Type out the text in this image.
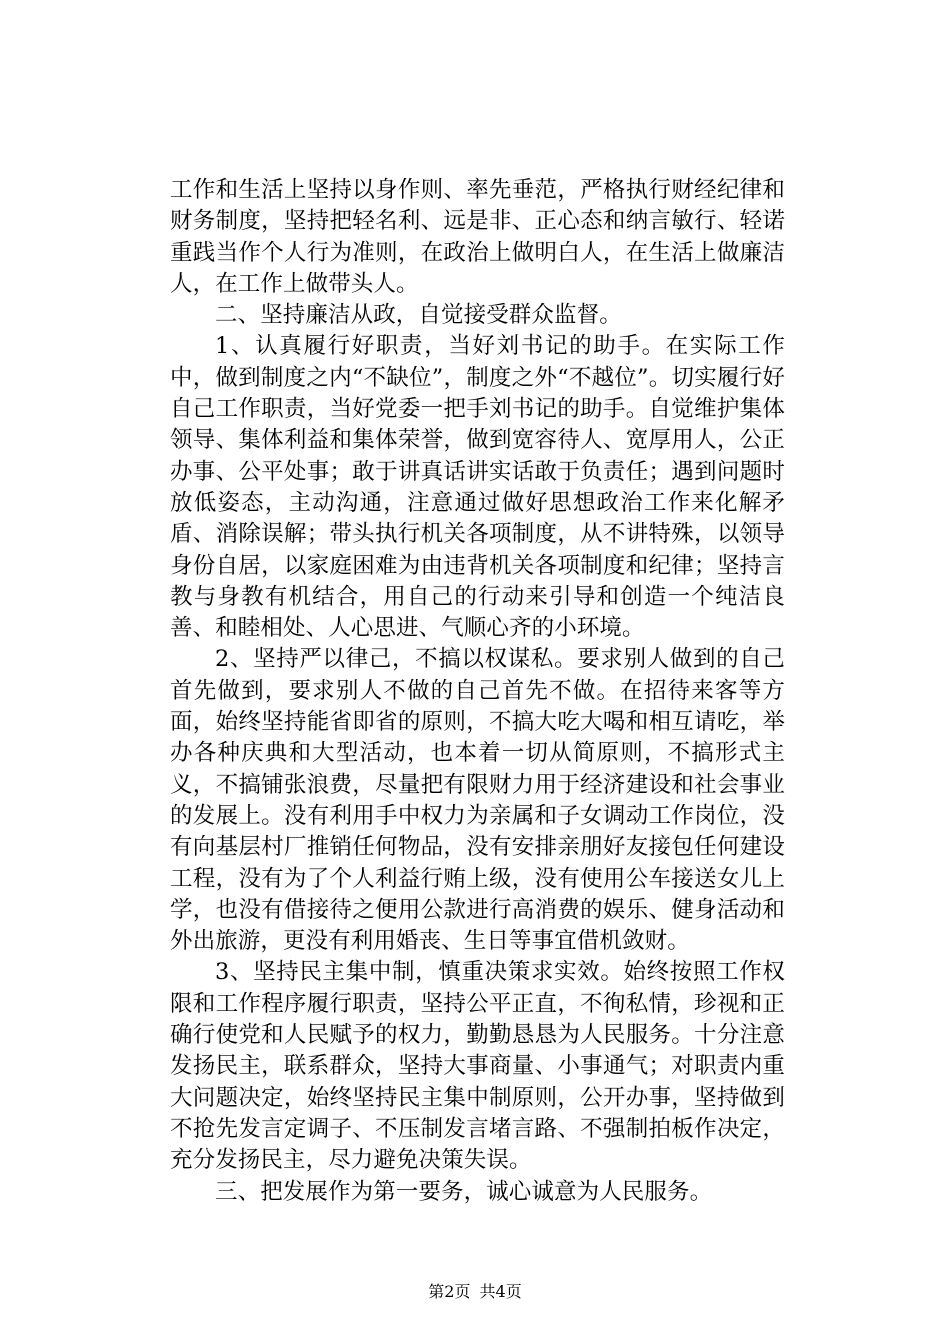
工作和生活上坚持以身作则、率先垂范，严格执行财经纪律和财务制度，坚持把轻名利、远是非、正心态和纳言敏行、轻诺重践当作个人行为准则，在政治上做明白人，在生活上做廉洁人，在工作上做带头人。

二、坚持廉洁从政，自觉接受群众监督。

1、认真履行好职责，当好刘书记的助手。在实际工作中，做到制度之内“不缺位”，制度之外“不越位”。切实履行好自己工作职责，当好党委一把手刘书记的助手。自觉维护集体领导、集体利益和集体荣誉，做到宽容待人、宽厚用人，公正办事、公平处事；敢于讲真话讲实话敢于负责任；遇到问题时放低姿态，主动沟通，注意通过做好思想政治工作来化解矛盾、消除误解；带头执行机关各项制度，从不讲特殊，以领导身份自居，以家庭困难为由违背机关各项制度和纪律；坚持言教与身教有机结合，用自己的行动来引导和创造一个纯洁良善、和睦相处、人心思进、气顺心齐的小环境。

2、坚持严以律己，不搞以权谋私。要求别人做到的自己首先做到，要求别人不做的自己首先不做。在招待来客等方面，始终坚持能省即省的原则，不搞大吃大喝和相互请吃，举办各种庆典和大型活动，也本着一切从简原则，不搞形式主义，不搞铺张浪费，尽量把有限财力用于经济建设和社会事业的发展上。没有利用手中权力为亲属和子女调动工作岗位，没有向基层村厂推销任何物品，没有安排亲朋好友接包任何建设工程，没有为了个人利益行贿上级，没有使用公车接送女儿上学，也没有借接待之便用公款进行高消费的娱乐、健身活动和外出旅游，更没有利用婚丧、生日等事宜借机敛财。

3、坚持民主集中制，慎重决策求实效。始终按照工作权限和工作程序履行职责，坚持公平正直，不徇私情，珍视和正确行使党和人民赋予的权力，勤勤恳恳为人民服务。十分注意发扬民主，联系群众，坚持大事商量、小事通气；对职责内重大问题决定，始终坚持民主集中制原则，公开办事，坚持做到不抢先发言定调子、不压制发言堵言路、不强制拍板作决定，充分发扬民主，尽力避免决策失误。

三、把发展作为第一要务，诚心诚意为人民服务。

第2页 共4页
